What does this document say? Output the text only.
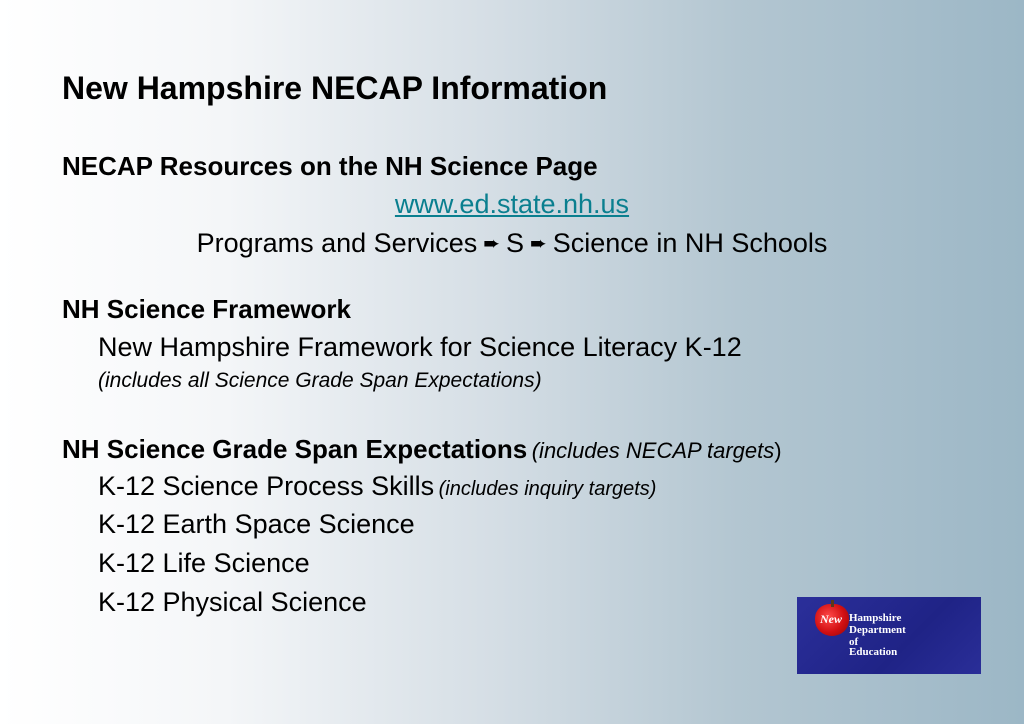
New Hampshire NECAP Information
NECAP Resources on the NH Science Page
www.ed.state.nh.us
Programs and Services ➨ S ➨ Science in NH Schools
NH Science Framework
New Hampshire Framework for Science Literacy K-12
(includes all Science Grade Span Expectations)
NH Science Grade Span Expectations (includes NECAP targets)
K-12 Science Process Skills (includes inquiry targets)
K-12 Earth Space Science
K-12 Life Science
K-12 Physical Science
New Hampshire
Department
of
Education
